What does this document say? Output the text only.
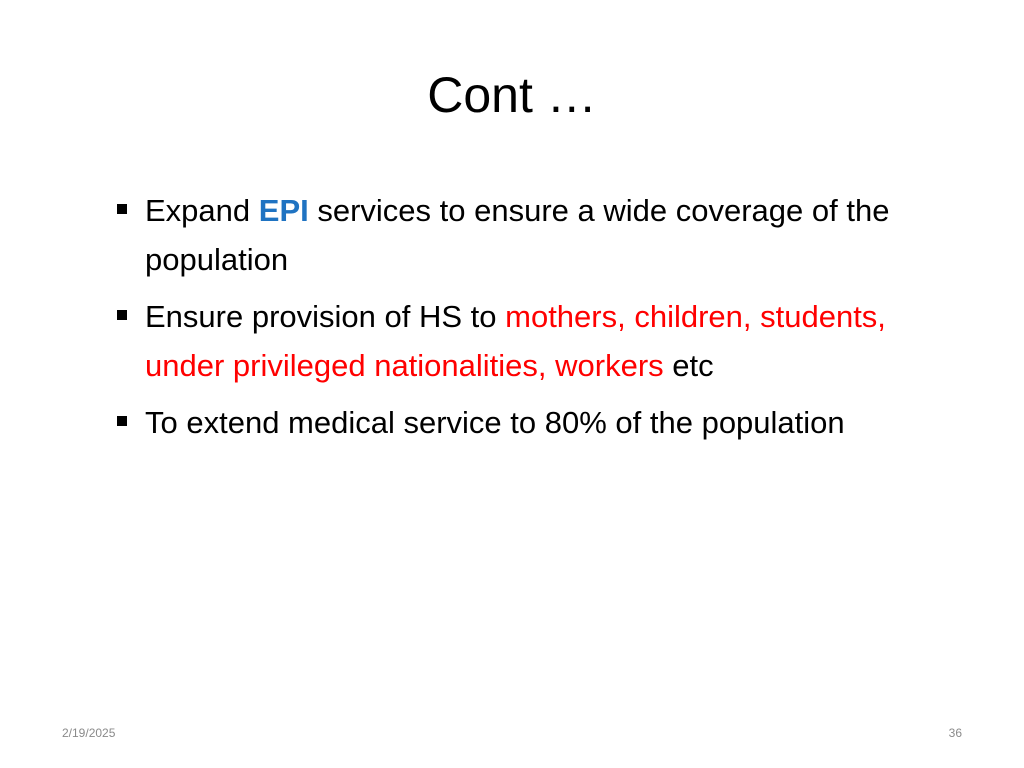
Cont …
Expand EPI services to ensure a wide coverage of the population
Ensure provision of HS to mothers, children, students, under privileged nationalities, workers etc
To extend medical service to 80% of the population
2/19/2025	36
